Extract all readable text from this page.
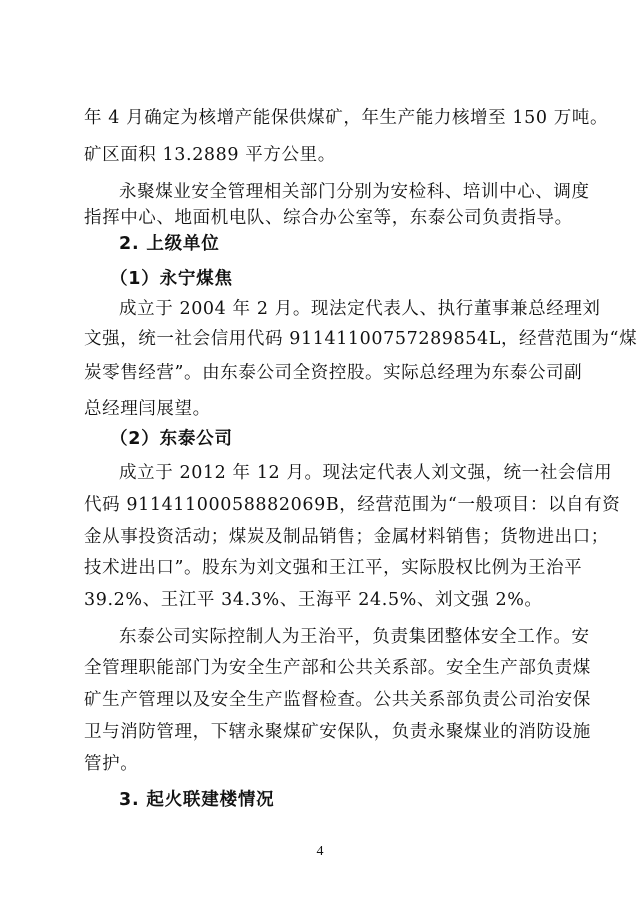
年 4 月确定为核增产能保供煤矿，年生产能力核增至 150 万吨。
矿区面积 13.2889 平方公里。
永聚煤业安全管理相关部门分别为安检科、培训中心、调度
指挥中心、地面机电队、综合办公室等，东泰公司负责指导。
2. 上级单位
（1）永宁煤焦
成立于 2004 年 2 月。现法定代表人、执行董事兼总经理刘
文强，统一社会信用代码 91141100757289854L，经营范围为“煤
炭零售经营”。由东泰公司全资控股。实际总经理为东泰公司副
总经理闫展望。
（2）东泰公司
成立于 2012 年 12 月。现法定代表人刘文强，统一社会信用
代码 91141100058882069B，经营范围为“一般项目：以自有资
金从事投资活动；煤炭及制品销售；金属材料销售；货物进出口；
技术进出口”。股东为刘文强和王江平，实际股权比例为王治平
39.2%、王江平 34.3%、王海平 24.5%、刘文强 2%。
东泰公司实际控制人为王治平，负责集团整体安全工作。安
全管理职能部门为安全生产部和公共关系部。安全生产部负责煤
矿生产管理以及安全生产监督检查。公共关系部负责公司治安保
卫与消防管理，下辖永聚煤矿安保队，负责永聚煤业的消防设施
管护。
3. 起火联建楼情况
4
